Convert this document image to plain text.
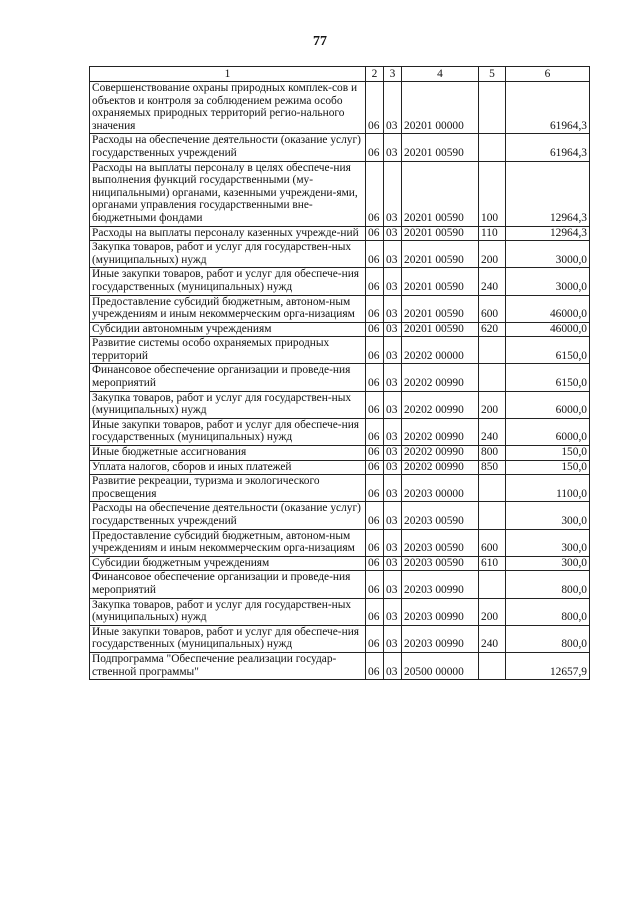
77
1	2	3	4	5	6
Совершенствование охраны природных комплек-сов и объектов и контроля за соблюдением режима особо охраняемых природных территорий регио-нального значения	06	03	20201 00000		61964,3
Расходы на обеспечение деятельности (оказание услуг) государственных учреждений	06	03	20201 00590		61964,3
Расходы на выплаты персоналу в целях обеспече-ния выполнения функций государственными (му-ниципальными) органами, казенными учреждени-ями, органами управления государственными вне-бюджетными фондами	06	03	20201 00590	100	12964,3
Расходы на выплаты персоналу казенных учрежде-ний	06	03	20201 00590	110	12964,3
Закупка товаров, работ и услуг для государствен-ных (муниципальных) нужд	06	03	20201 00590	200	3000,0
Иные закупки товаров, работ и услуг для обеспече-ния государственных (муниципальных) нужд	06	03	20201 00590	240	3000,0
Предоставление субсидий бюджетным, автоном-ным учреждениям и иным некоммерческим орга-низациям	06	03	20201 00590	600	46000,0
Субсидии автономным учреждениям	06	03	20201 00590	620	46000,0
Развитие системы особо охраняемых природных территорий	06	03	20202 00000		6150,0
Финансовое обеспечение организации и проведе-ния мероприятий	06	03	20202 00990		6150,0
Закупка товаров, работ и услуг для государствен-ных (муниципальных) нужд	06	03	20202 00990	200	6000,0
Иные закупки товаров, работ и услуг для обеспече-ния государственных (муниципальных) нужд	06	03	20202 00990	240	6000,0
Иные бюджетные ассигнования	06	03	20202 00990	800	150,0
Уплата налогов, сборов и иных платежей	06	03	20202 00990	850	150,0
Развитие рекреации, туризма и экологического просвещения	06	03	20203 00000		1100,0
Расходы на обеспечение деятельности (оказание услуг) государственных учреждений	06	03	20203 00590		300,0
Предоставление субсидий бюджетным, автоном-ным учреждениям и иным некоммерческим орга-низациям	06	03	20203 00590	600	300,0
Субсидии бюджетным учреждениям	06	03	20203 00590	610	300,0
Финансовое обеспечение организации и проведе-ния мероприятий	06	03	20203 00990		800,0
Закупка товаров, работ и услуг для государствен-ных (муниципальных) нужд	06	03	20203 00990	200	800,0
Иные закупки товаров, работ и услуг для обеспече-ния государственных (муниципальных) нужд	06	03	20203 00990	240	800,0
Подпрограмма "Обеспечение реализации государ-ственной программы"	06	03	20500 00000		12657,9
